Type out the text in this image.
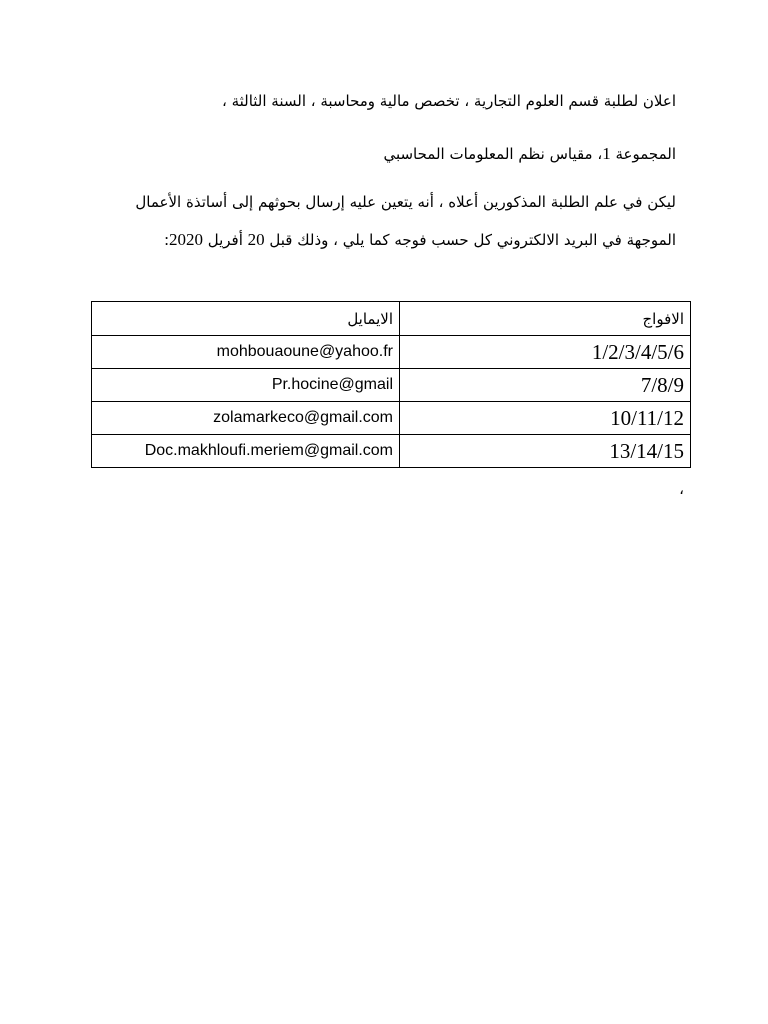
اعلان لطلبة قسم العلوم التجارية ، تخصص مالية ومحاسبة ، السنة الثالثة ،
المجموعة 1، مقياس نظم المعلومات المحاسبي
ليكن في علم الطلبة المذكورين أعلاه ، أنه يتعين عليه إرسال بحوثهم إلى أساتذة الأعمال
الموجهة في البريد الالكتروني كل حسب فوجه كما يلي ، وذلك قبل 20 أفريل 2020:
الافواج	الايمايل
1/2/3/4/5/6	mohbouaoune@yahoo.fr
7/8/9	Pr.hocine@gmail
10/11/12	zolamarkeco@gmail.com
13/14/15	Doc.makhloufi.meriem@gmail.com
،
